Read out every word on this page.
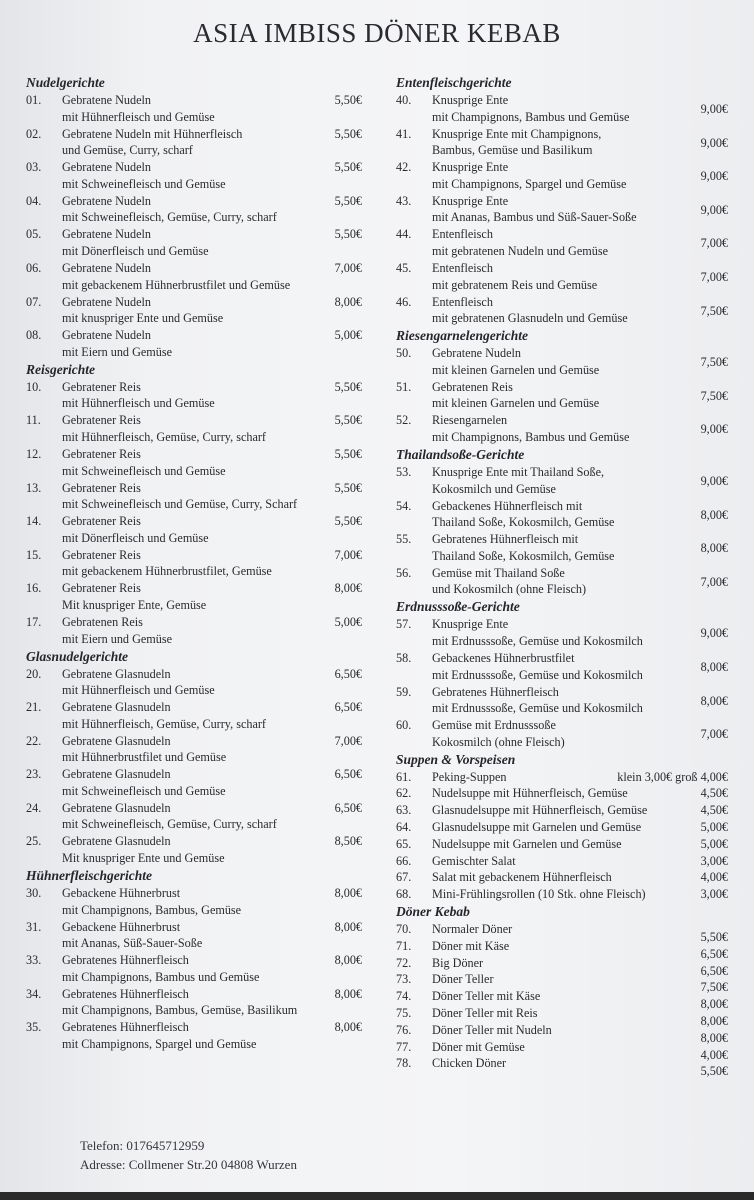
ASIA IMBISS DÖNER KEBAB
Nudelgerichte
01. Gebratene Nudeln
mit Hühnerfleisch und Gemüse
5,50€
02. Gebratene Nudeln mit Hühnerfleisch
und Gemüse, Curry, scharf
5,50€
03. Gebratene Nudeln
mit Schweinefleisch und Gemüse
5,50€
04. Gebratene Nudeln
mit Schweinefleisch, Gemüse, Curry, scharf
5,50€
05. Gebratene Nudeln
mit Dönerfleisch und Gemüse
5,50€
06. Gebratene Nudeln
mit gebackenem Hühnerbrustfilet und Gemüse
7,00€
07. Gebratene Nudeln
mit knuspriger Ente und Gemüse
8,00€
08. Gebratene Nudeln
mit Eiern und Gemüse
5,00€
Reisgerichte
10. Gebratener Reis
mit Hühnerfleisch und Gemüse
5,50€
11. Gebratener Reis
mit Hühnerfleisch, Gemüse, Curry, scharf
5,50€
12. Gebratener Reis
mit Schweinefleisch und Gemüse
5,50€
13. Gebratener Reis
mit Schweinefleisch und Gemüse, Curry, Scharf
5,50€
14. Gebratener Reis
mit Dönerfleisch und Gemüse
5,50€
15. Gebratener Reis
mit gebackenem Hühnerbrustfilet, Gemüse
7,00€
16. Gebratener Reis
Mit knuspriger Ente, Gemüse
8,00€
17. Gebratenen Reis
mit Eiern und Gemüse
5,00€
Glasnudelgerichte
20. Gebratene Glasnudeln
mit Hühnerfleisch und Gemüse
6,50€
21. Gebratene Glasnudeln
mit Hühnerfleisch, Gemüse, Curry, scharf
6,50€
22. Gebratene Glasnudeln
mit Hühnerbrustfilet und Gemüse
7,00€
23. Gebratene Glasnudeln
mit Schweinefleisch und Gemüse
6,50€
24. Gebratene Glasnudeln
mit Schweinefleisch, Gemüse, Curry, scharf
6,50€
25. Gebratene Glasnudeln
Mit knuspriger Ente und Gemüse
8,50€
Hühnerfleischgerichte
30. Gebackene Hühnerbrust
mit Champignons, Bambus, Gemüse
8,00€
31. Gebackene Hühnerbrust
mit Ananas, Süß-Sauer-Soße
8,00€
33. Gebratenes Hühnerfleisch
mit Champignons, Bambus und Gemüse
8,00€
34. Gebratenes Hühnerfleisch
mit Champignons, Bambus, Gemüse, Basilikum
8,00€
35. Gebratenes Hühnerfleisch
mit Champignons, Spargel und Gemüse
8,00€
Entenfleischgerichte
40. Knusprige Ente
mit Champignons, Bambus und Gemüse
9,00€
41. Knusprige Ente mit Champignons,
Bambus, Gemüse und Basilikum
9,00€
42. Knusprige Ente
mit Champignons, Spargel und Gemüse
9,00€
43. Knusprige Ente
mit Ananas, Bambus und Süß-Sauer-Soße
9,00€
44. Entenfleisch
mit gebratenen Nudeln und Gemüse
7,00€
45. Entenfleisch
mit gebratenem Reis und Gemüse
7,00€
46. Entenfleisch
mit gebratenen Glasnudeln und Gemüse
7,50€
Riesengarnelengerichte
50. Gebratene Nudeln
mit kleinen Garnelen und Gemüse
7,50€
51. Gebratenen Reis
mit kleinen Garnelen und Gemüse
7,50€
52. Riesengarnelen
mit Champignons, Bambus und Gemüse
9,00€
Thailandsoße-Gerichte
53. Knusprige Ente mit Thailand Soße,
Kokosmilch und Gemüse
9,00€
54. Gebackenes Hühnerfleisch mit
Thailand Soße, Kokosmilch, Gemüse
8,00€
55. Gebratenes Hühnerfleisch mit
Thailand Soße, Kokosmilch, Gemüse
8,00€
56. Gemüse mit Thailand Soße
und Kokosmilch (ohne Fleisch)
7,00€
Erdnusssoße-Gerichte
57. Knusprige Ente
mit Erdnusssoße, Gemüse und Kokosmilch
9,00€
58. Gebackenes Hühnerbrustfilet
mit Erdnusssoße, Gemüse und Kokosmilch
8,00€
59. Gebratenes Hühnerfleisch
mit Erdnusssoße, Gemüse und Kokosmilch
8,00€
60. Gemüse mit Erdnusssoße
Kokosmilch (ohne Fleisch)
7,00€
Suppen & Vorspeisen
61. Peking-Suppen	klein 3,00€ groß 4,00€
62. Nudelsuppe mit Hühnerfleisch, Gemüse	4,50€
63. Glasnudelsuppe mit Hühnerfleisch, Gemüse	4,50€
64. Glasnudelsuppe mit Garnelen und Gemüse	5,00€
65. Nudelsuppe mit Garnelen und Gemüse	5,00€
66. Gemischter Salat	3,00€
67. Salat mit gebackenem Hühnerfleisch	4,00€
68. Mini-Frühlingsrollen (10 Stk. ohne Fleisch)	3,00€
Döner Kebab
70. Normaler Döner
5,50€
71. Döner mit Käse
6,50€
72. Big Döner
6,50€
73. Döner Teller
7,50€
74. Döner Teller mit Käse
8,00€
75. Döner Teller mit Reis
8,00€
76. Döner Teller mit Nudeln
8,00€
77. Döner mit Gemüse
4,00€
78. Chicken Döner
5,50€
Telefon: 017645712959
Adresse: Collmener Str.20 04808 Wurzen
